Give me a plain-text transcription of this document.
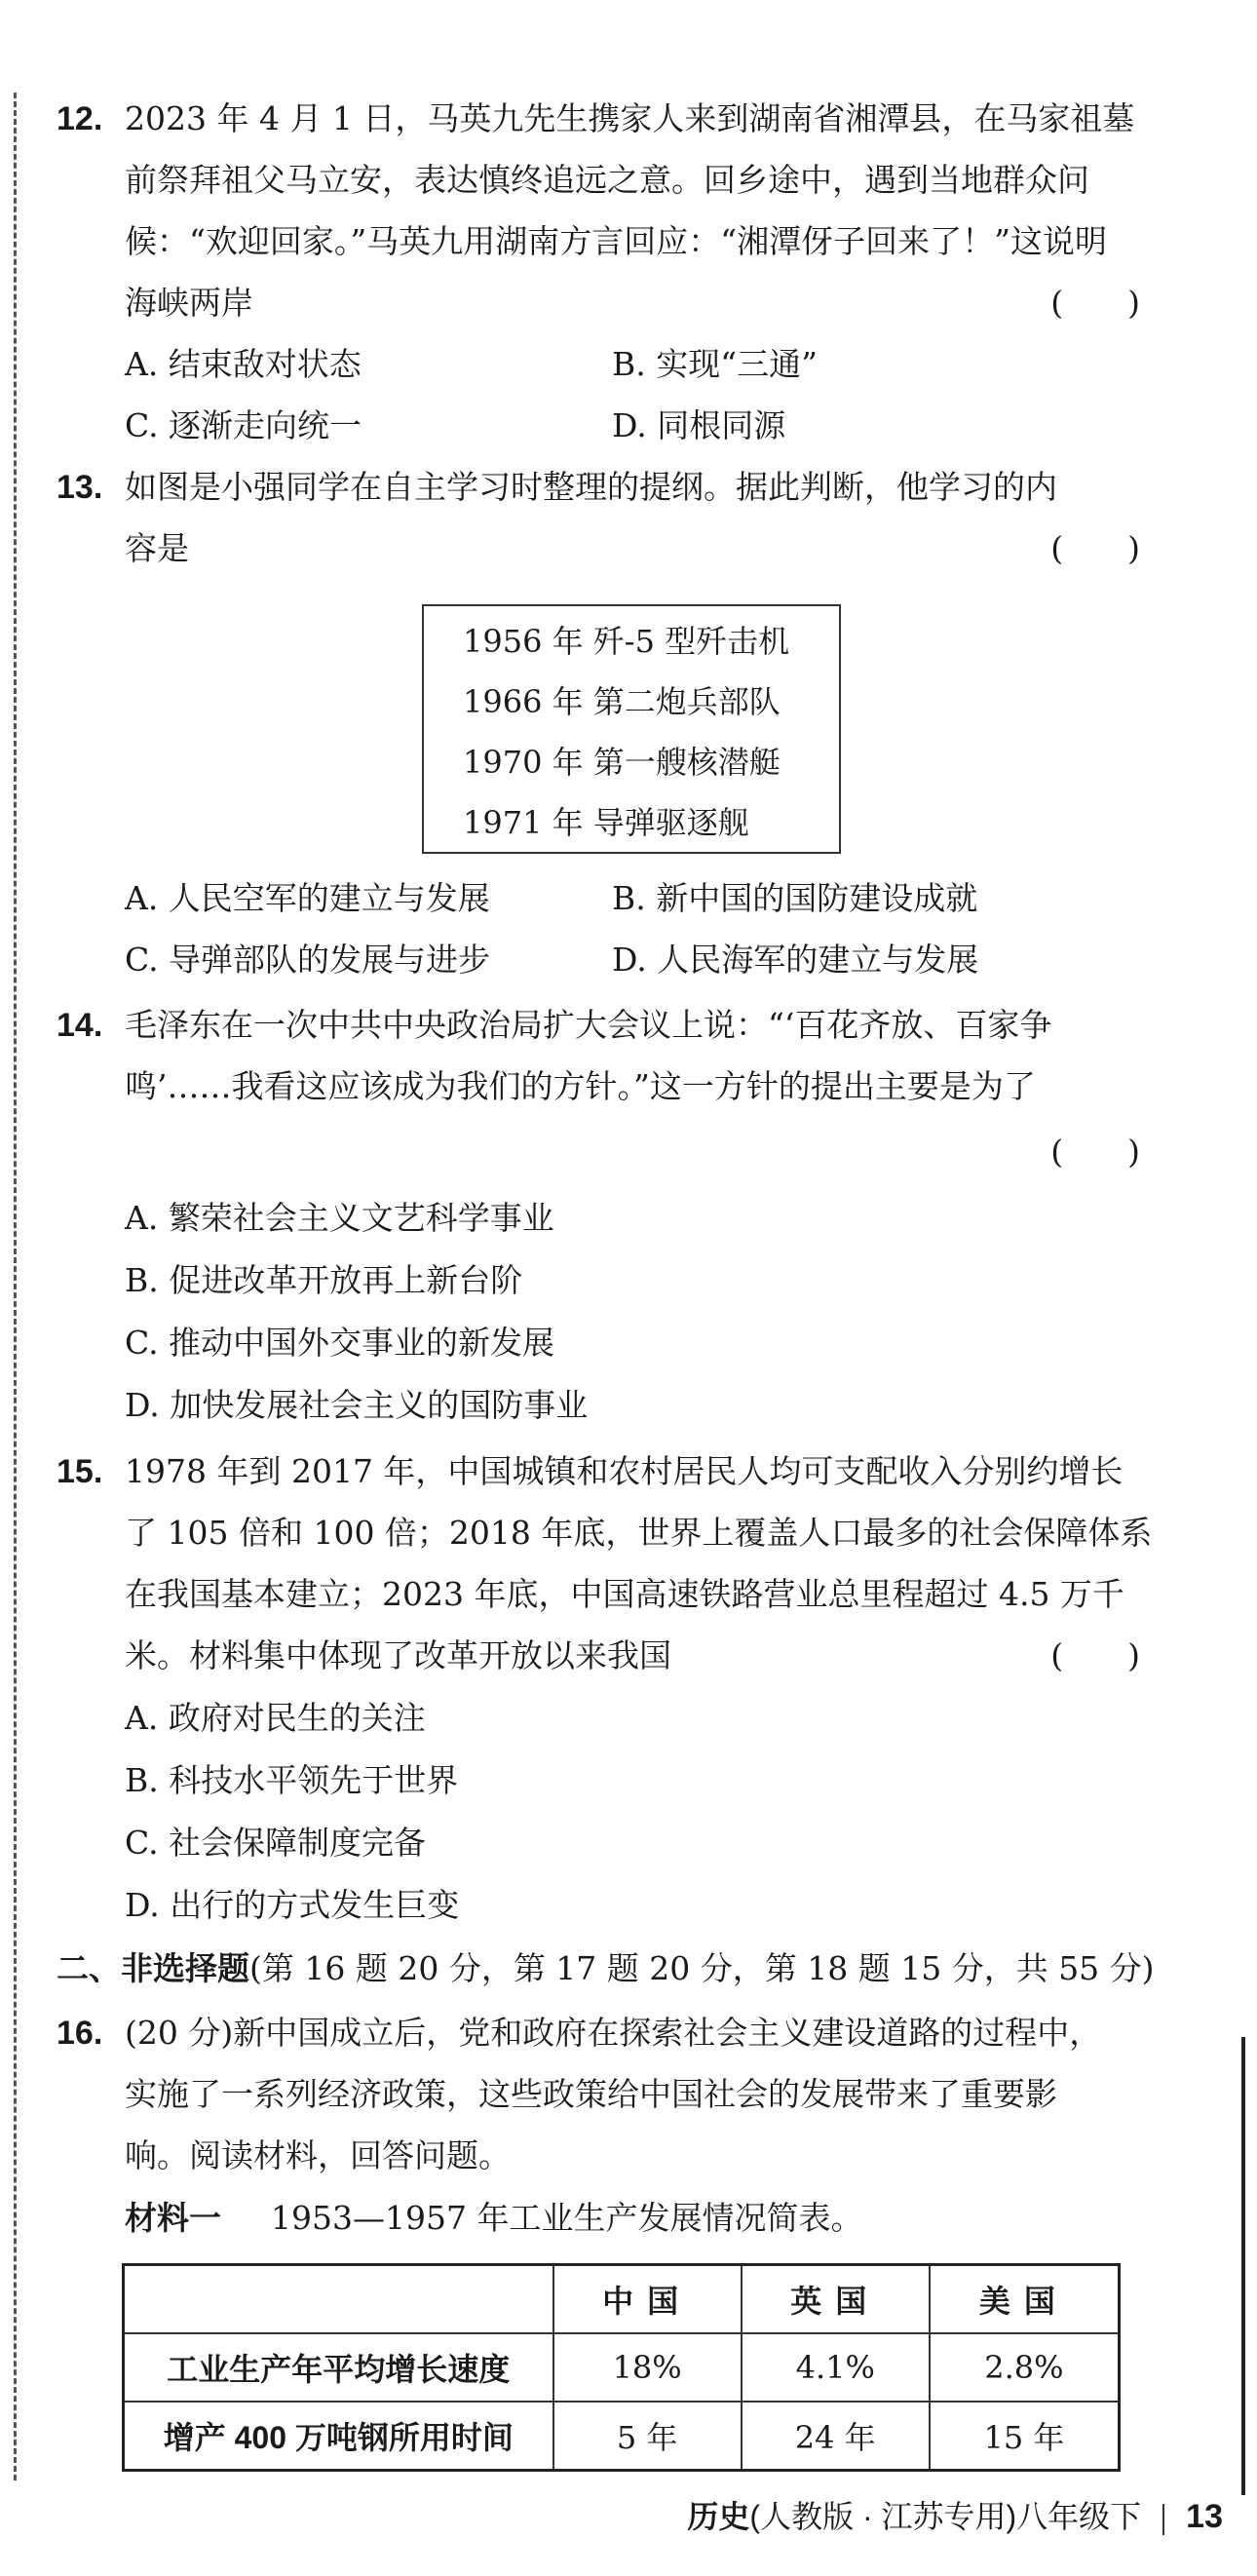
12. 2023 年 4 月 1 日，马英九先生携家人来到湖南省湘潭县，在马家祖墓
前祭拜祖父马立安，表达慎终追远之意。回乡途中，遇到当地群众问
候：“欢迎回家。”马英九用湖南方言回应：“湘潭伢子回来了！”这说明
海峡两岸	(　　)
A. 结束敌对状态	B. 实现“三通”
C. 逐渐走向统一	D. 同根同源
13. 如图是小强同学在自主学习时整理的提纲。据此判断，他学习的内
容是	(　　)
1956 年 歼-5 型歼击机
1966 年 第二炮兵部队
1970 年 第一艘核潜艇
1971 年 导弹驱逐舰
A. 人民空军的建立与发展	B. 新中国的国防建设成就
C. 导弹部队的发展与进步	D. 人民海军的建立与发展
14. 毛泽东在一次中共中央政治局扩大会议上说：“‘百花齐放、百家争
鸣’……我看这应该成为我们的方针。”这一方针的提出主要是为了
(　　)
A. 繁荣社会主义文艺科学事业
B. 促进改革开放再上新台阶
C. 推动中国外交事业的新发展
D. 加快发展社会主义的国防事业
15. 1978 年到 2017 年，中国城镇和农村居民人均可支配收入分别约增长
了 105 倍和 100 倍；2018 年底，世界上覆盖人口最多的社会保障体系
在我国基本建立；2023 年底，中国高速铁路营业总里程超过 4.5 万千
米。材料集中体现了改革开放以来我国	(　　)
A. 政府对民生的关注
B. 科技水平领先于世界
C. 社会保障制度完备
D. 出行的方式发生巨变
二、非选择题(第 16 题 20 分，第 17 题 20 分，第 18 题 15 分，共 55 分)
16. (20 分)新中国成立后，党和政府在探索社会主义建设道路的过程中，
实施了一系列经济政策，这些政策给中国社会的发展带来了重要影
响。阅读材料，回答问题。
材料一 1953—1957 年工业生产发展情况简表。
	中国	英国	美国
工业生产年平均增长速度	18%	4.1%	2.8%
增产 400 万吨钢所用时间	5 年	24 年	15 年
历史(人教版 · 江苏专用)八年级下 13
